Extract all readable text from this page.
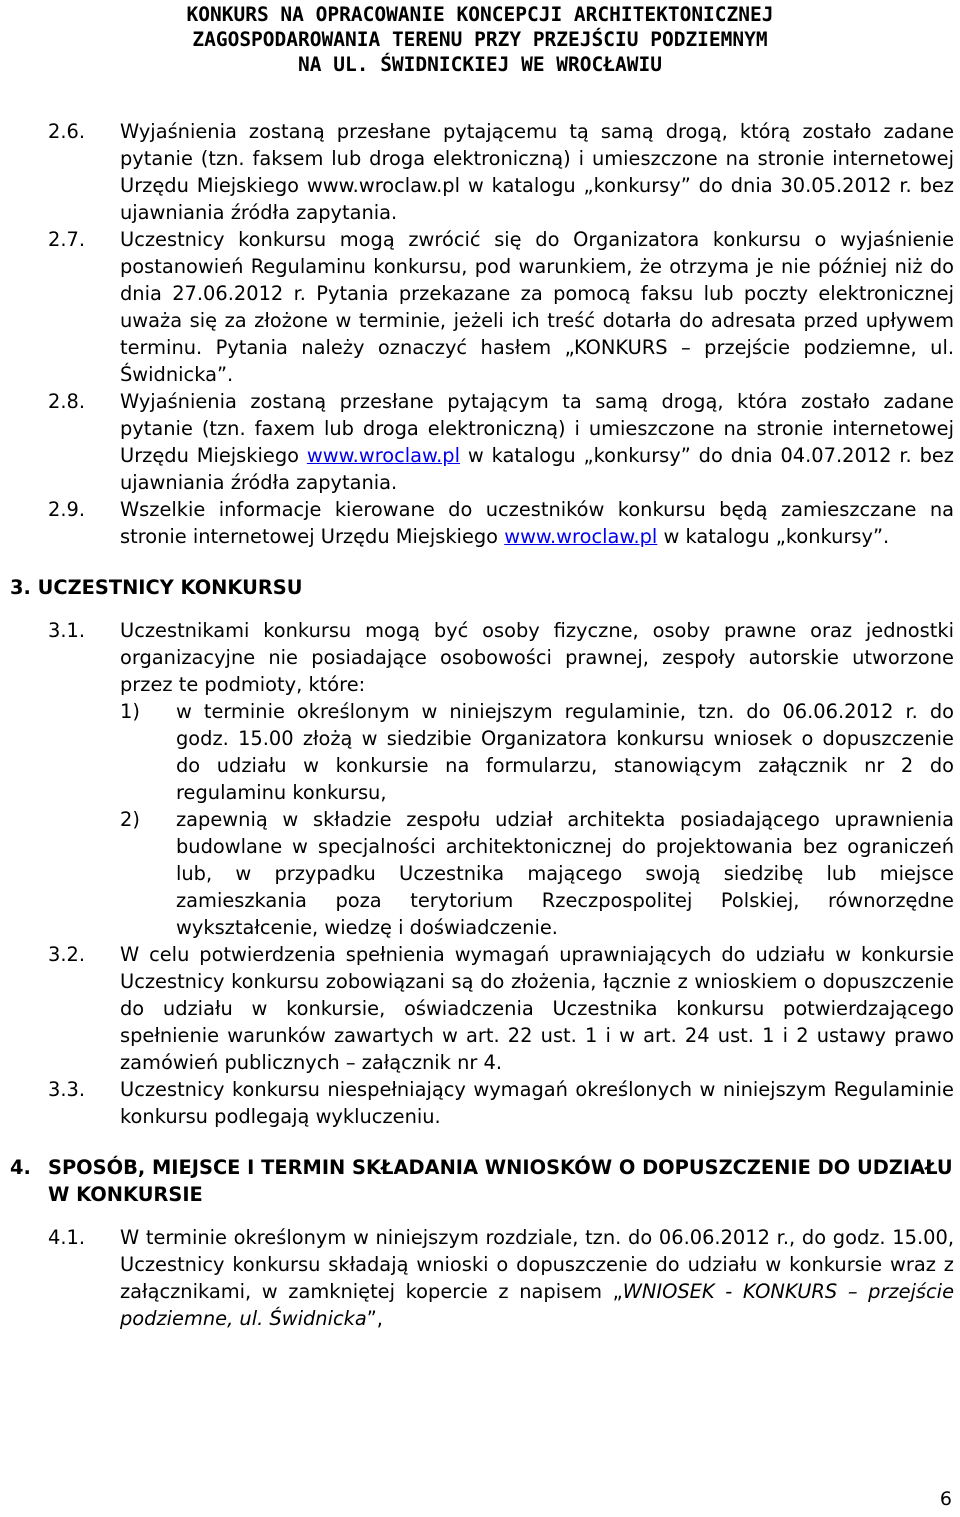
KONKURS NA OPRACOWANIE KONCEPCJI ARCHITEKTONICZNEJ
ZAGOSPODAROWANIA TERENU PRZY PRZEJŚCIU PODZIEMNYM
NA UL. ŚWIDNICKIEJ WE WROCŁAWIU
2.6.	Wyjaśnienia zostaną przesłane pytającemu tą samą drogą, którą zostało zadane pytanie (tzn. faksem lub droga elektroniczną) i umieszczone na stronie internetowej Urzędu Miejskiego www.wroclaw.pl w katalogu „konkursy” do dnia 30.05.2012 r. bez ujawniania źródła zapytania.

2.7.	Uczestnicy konkursu mogą zwrócić się do Organizatora konkursu o wyjaśnienie postanowień Regulaminu konkursu, pod warunkiem, że otrzyma je nie później niż do dnia 27.06.2012 r. Pytania przekazane za pomocą faksu lub poczty elektronicznej uważa się za złożone w terminie, jeżeli ich treść dotarła do adresata przed upływem terminu. Pytania należy oznaczyć hasłem „KONKURS – przejście podziemne, ul. Świdnicka”.

2.8.	Wyjaśnienia zostaną przesłane pytającym ta samą drogą, która zostało zadane pytanie (tzn. faxem lub droga elektroniczną) i umieszczone na stronie internetowej Urzędu Miejskiego www.wroclaw.pl w katalogu „konkursy” do dnia 04.07.2012 r. bez ujawniania źródła zapytania.

2.9.	Wszelkie informacje kierowane do uczestników konkursu będą zamieszczane na stronie internetowej Urzędu Miejskiego www.wroclaw.pl w katalogu „konkursy”.

3. UCZESTNICY KONKURSU
3.1.	Uczestnikami konkursu mogą być osoby fizyczne, osoby prawne oraz jednostki organizacyjne nie posiadające osobowości prawnej, zespoły autorskie utworzone przez te podmioty, które:

1) w terminie określonym w niniejszym regulaminie, tzn. do 06.06.2012 r. do godz. 15.00 złożą w siedzibie Organizatora konkursu wniosek o dopuszczenie do udziału w konkursie na formularzu, stanowiącym załącznik nr 2 do regulaminu konkursu,

2) zapewnią w składzie zespołu udział architekta posiadającego uprawnienia budowlane w specjalności architektonicznej do projektowania bez ograniczeń lub, w przypadku Uczestnika mającego swoją siedzibę lub miejsce zamieszkania poza terytorium Rzeczpospolitej Polskiej, równorzędne wykształcenie, wiedzę i doświadczenie.

3.2.	W celu potwierdzenia spełnienia wymagań uprawniających do udziału w konkursie Uczestnicy konkursu zobowiązani są do złożenia, łącznie z wnioskiem o dopuszczenie do udziału w konkursie, oświadczenia Uczestnika konkursu potwierdzającego spełnienie warunków zawartych w art. 22 ust. 1 i w art. 24 ust. 1 i 2 ustawy prawo zamówień publicznych – załącznik nr 4.

3.3.	Uczestnicy konkursu niespełniający wymagań określonych w niniejszym Regulaminie konkursu podlegają wykluczeniu.

4. SPOSÓB, MIEJSCE I TERMIN SKŁADANIA WNIOSKÓW O DOPUSZCZENIE DO UDZIAŁU W KONKURSIE
4.1.	W terminie określonym w niniejszym rozdziale, tzn. do 06.06.2012 r., do godz. 15.00, Uczestnicy konkursu składają wnioski o dopuszczenie do udziału w konkursie wraz z załącznikami, w zamkniętej kopercie z napisem „WNIOSEK - KONKURS – przejście podziemne, ul. Świdnicka”,

6
